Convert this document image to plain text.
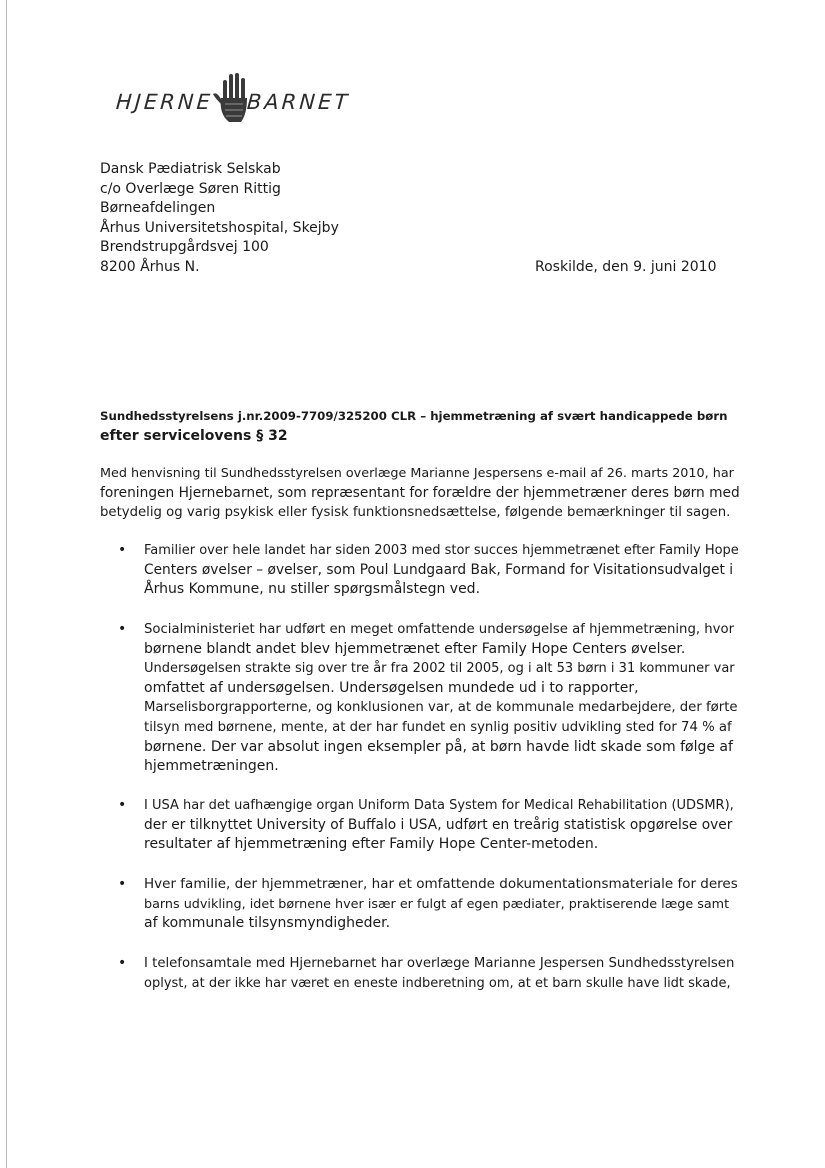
HJERNE BARNET
Dansk Pædiatrisk Selskab
c/o Overlæge Søren Rittig
Børneafdelingen
Århus Universitetshospital, Skejby
Brendstrupgårdsvej 100
8200 Århus N.	Roskilde, den 9. juni 2010
Sundhedsstyrelsens j.nr.2009-7709/325200 CLR – hjemmetræning af svært handicappede børn
efter servicelovens § 32
Med henvisning til Sundhedsstyrelsen overlæge Marianne Jespersens e-mail af 26. marts 2010, har
foreningen Hjernebarnet, som repræsentant for forældre der hjemmetræner deres børn med
betydelig og varig psykisk eller fysisk funktionsnedsættelse, følgende bemærkninger til sagen.
• Familier over hele landet har siden 2003 med stor succes hjemmetrænet efter Family Hope
Centers øvelser – øvelser, som Poul Lundgaard Bak, Formand for Visitationsudvalget i
Århus Kommune, nu stiller spørgsmålstegn ved.
• Socialministeriet har udført en meget omfattende undersøgelse af hjemmetræning, hvor
børnene blandt andet blev hjemmetrænet efter Family Hope Centers øvelser.
Undersøgelsen strakte sig over tre år fra 2002 til 2005, og i alt 53 børn i 31 kommuner var
omfattet af undersøgelsen. Undersøgelsen mundede ud i to rapporter,
Marselisborgrapporterne, og konklusionen var, at de kommunale medarbejdere, der førte
tilsyn med børnene, mente, at der har fundet en synlig positiv udvikling sted for 74 % af
børnene. Der var absolut ingen eksempler på, at børn havde lidt skade som følge af
hjemmetræningen.
• I USA har det uafhængige organ Uniform Data System for Medical Rehabilitation (UDSMR),
der er tilknyttet University of Buffalo i USA, udført en treårig statistisk opgørelse over
resultater af hjemmetræning efter Family Hope Center-metoden.
• Hver familie, der hjemmetræner, har et omfattende dokumentationsmateriale for deres
barns udvikling, idet børnene hver især er fulgt af egen pædiater, praktiserende læge samt
af kommunale tilsynsmyndigheder.
• I telefonsamtale med Hjernebarnet har overlæge Marianne Jespersen Sundhedsstyrelsen
oplyst, at der ikke har været en eneste indberetning om, at et barn skulle have lidt skade,
